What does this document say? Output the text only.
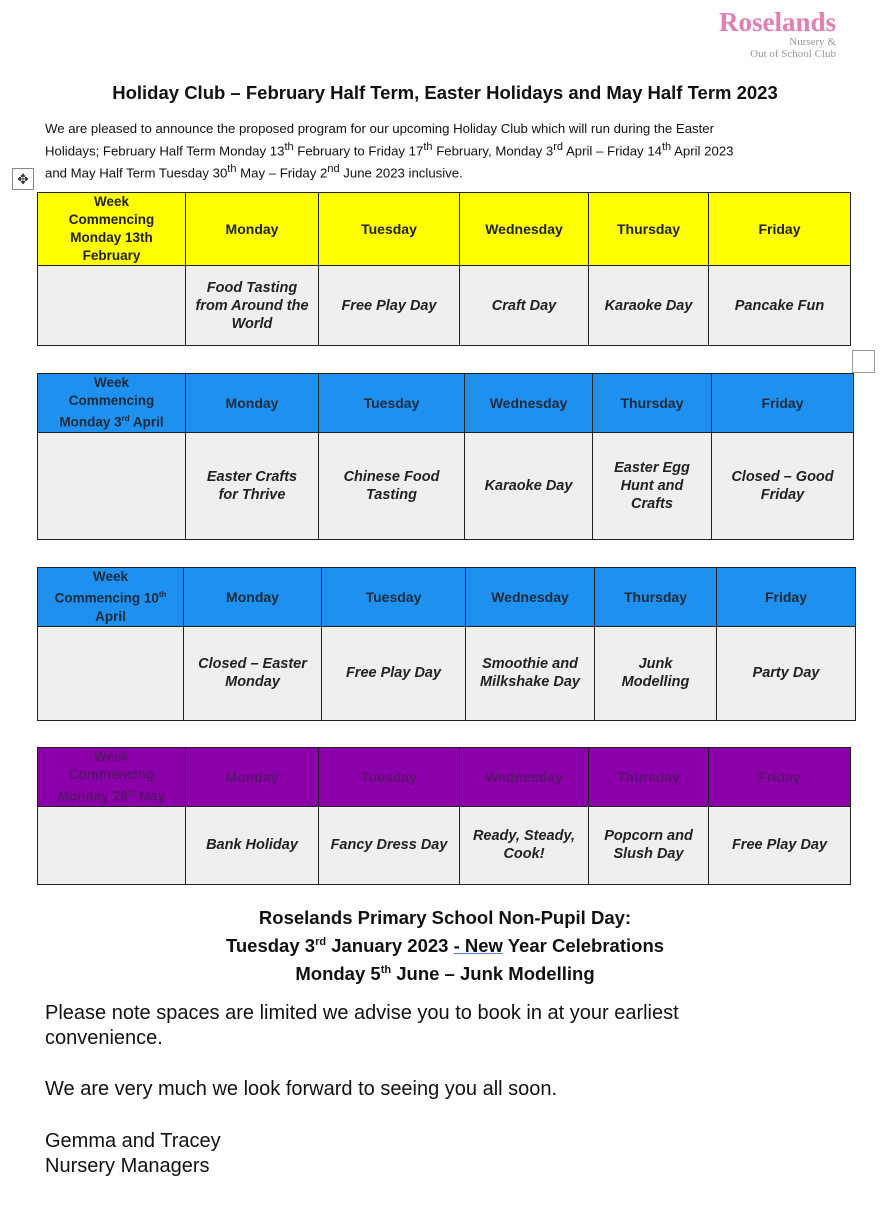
Roselands
Nursery &
Out of School Club
Holiday Club – February Half Term, Easter Holidays and May Half Term 2023
We are pleased to announce the proposed program for our upcoming Holiday Club which will run during the Easter
Holidays; February Half Term Monday 13th February to Friday 17th February, Monday 3rd April – Friday 14th April 2023
and May Half Term Tuesday 30th May – Friday 2nd June 2023 inclusive.
✥
Week
Commencing
Monday 13th
February	Monday	Tuesday	Wednesday	Thursday	Friday
	Food Tasting
from Around the
World	Free Play Day	Craft Day	Karaoke Day	Pancake Fun
Week
Commencing
Monday 3rd April	Monday	Tuesday	Wednesday	Thursday	Friday
	Easter Crafts
for Thrive	Chinese Food
Tasting	Karaoke Day	Easter Egg
Hunt and
Crafts	Closed – Good
Friday
Week
Commencing 10th
April	Monday	Tuesday	Wednesday	Thursday	Friday
	Closed – Easter
Monday	Free Play Day	Smoothie and
Milkshake Day	Junk
Modelling	Party Day
Week
Commencing
Monday 29th May	Monday	Tuesday	Wednesday	Thursday	Friday
	Bank Holiday	Fancy Dress Day	Ready, Steady,
Cook!	Popcorn and
Slush Day	Free Play Day
Roselands Primary School Non-Pupil Day:
Tuesday 3rd January 2023 - New Year Celebrations
Monday 5th June – Junk Modelling
Please note spaces are limited we advise you to book in at your earliest
convenience.
We are very much we look forward to seeing you all soon.
Gemma and Tracey
Nursery Managers
